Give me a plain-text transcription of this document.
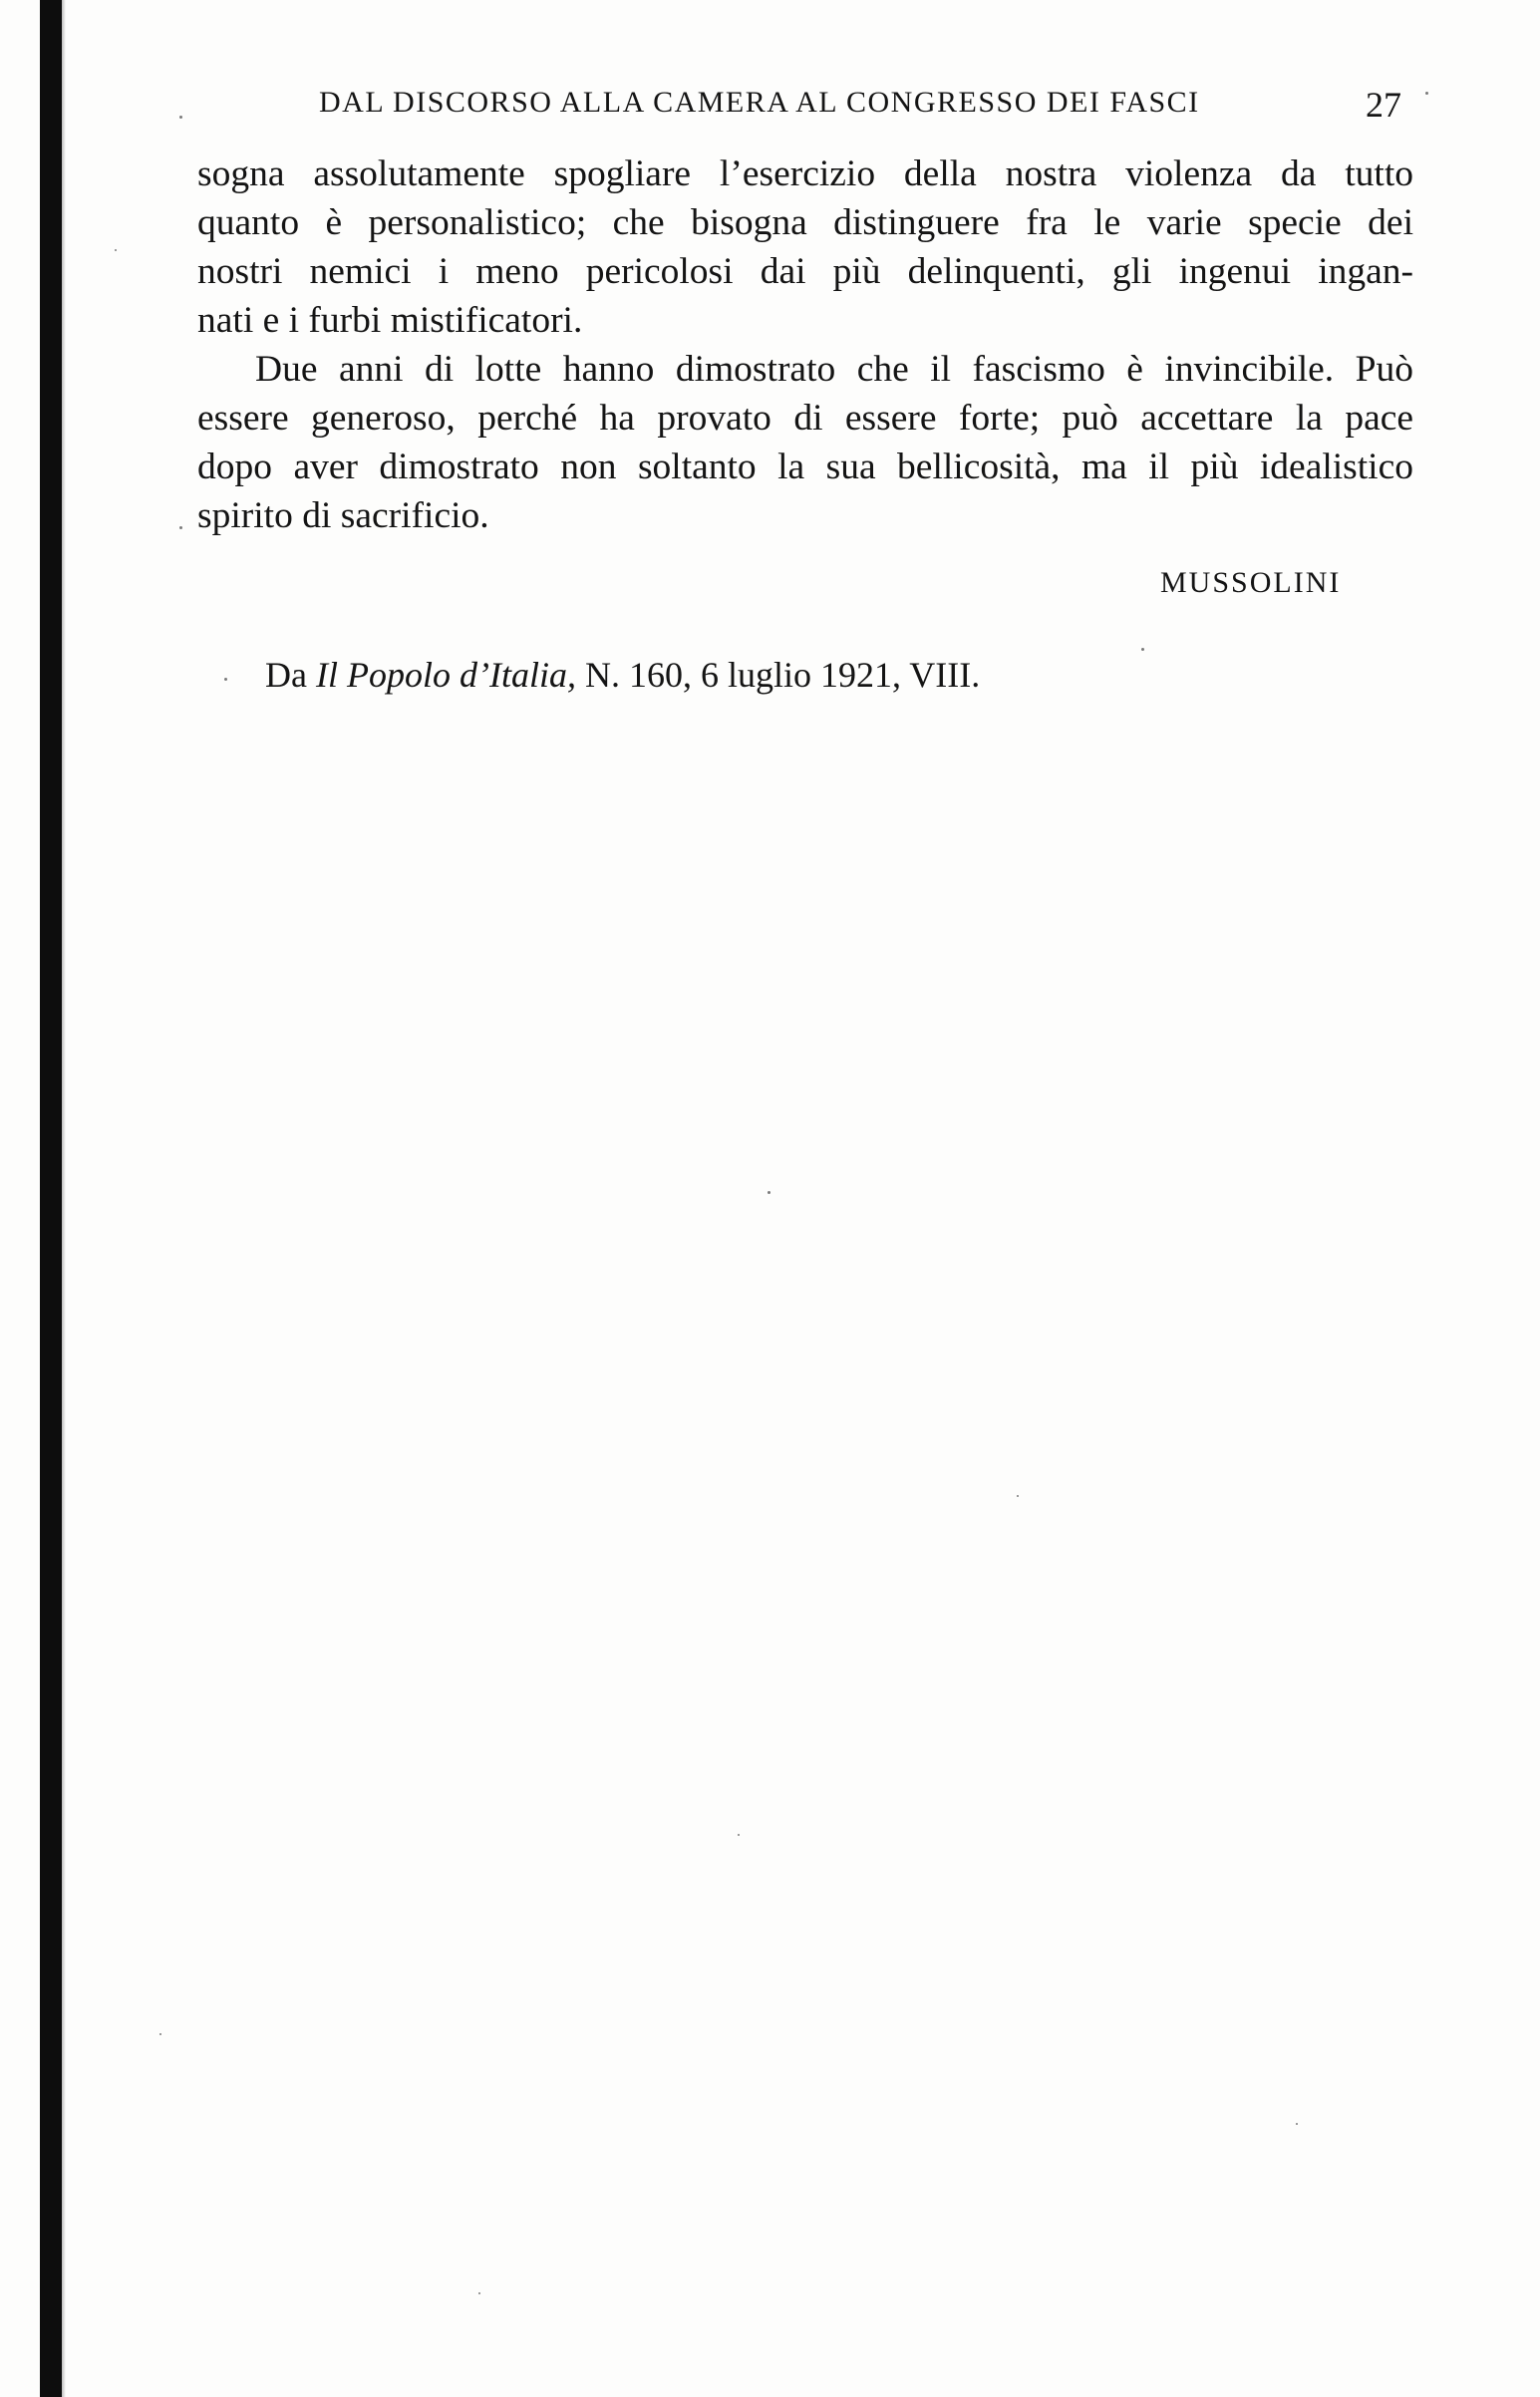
DAL DISCORSO ALLA CAMERA AL CONGRESSO DEI FASCI	27

sogna assolutamente spogliare l’esercizio della nostra violenza da tutto

quanto è personalistico; che bisogna distinguere fra le varie specie dei

nostri nemici i meno pericolosi dai più delinquenti, gli ingenui ingan-

nati e i furbi mistificatori.

Due anni di lotte hanno dimostrato che il fascismo è invincibile. Può

essere generoso, perché ha provato di essere forte; può accettare la pace

dopo aver dimostrato non soltanto la sua bellicosità, ma il più idealistico

spirito di sacrificio.

MUSSOLINI
Da Il Popolo d’Italia, N. 160, 6 luglio 1921, VIII.
